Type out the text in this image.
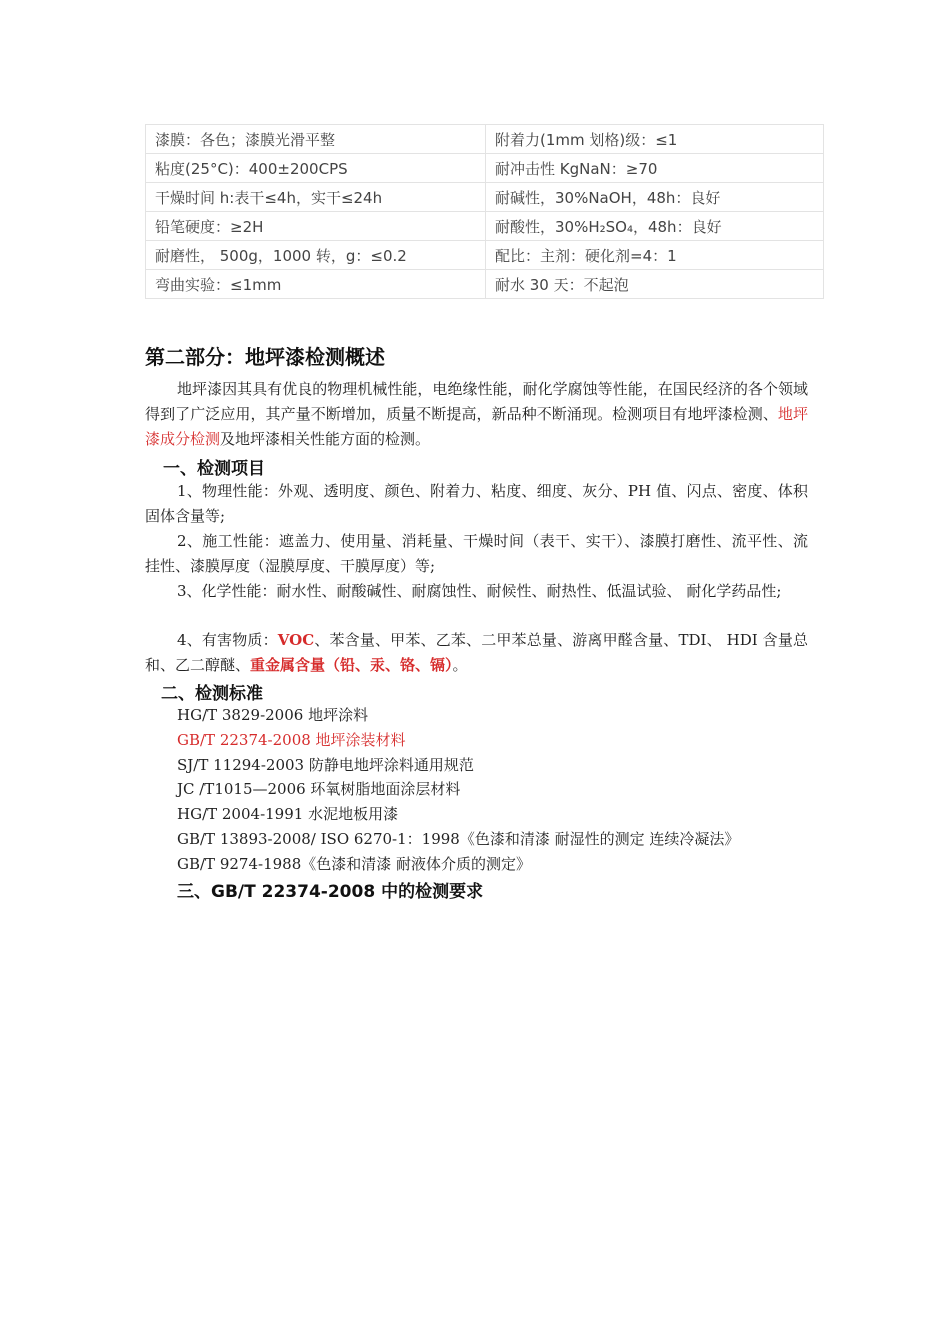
漆膜：各色；漆膜光滑平整	附着力(1mm 划格)级：≤1
粘度(25°C)：400±200CPS	耐冲击性 KgNaN：≥70
干燥时间 h:表干≤4h，实干≤24h	耐碱性，30%NaOH，48h：良好
铅笔硬度：≥2H	耐酸性，30%H₂SO₄，48h：良好
耐磨性， 500g，1000 转，g：≤0.2	配比：主剂：硬化剂=4：1
弯曲实验：≤1mm	耐水 30 天：不起泡
第二部分：地坪漆检测概述

地坪漆因其具有优良的物理机械性能，电绝缘性能，耐化学腐蚀等性能，在国民经济的各个领域得到了广泛应用，其产量不断增加，质量不断提高，新品种不断涌现。检测项目有地坪漆检测、地坪漆成分检测及地坪漆相关性能方面的检测。

一、检测项目

1、物理性能：外观、透明度、颜色、附着力、粘度、细度、灰分、PH 值、闪点、密度、体积固体含量等;

2、施工性能：遮盖力、使用量、消耗量、干燥时间（表干、实干）、漆膜打磨性、流平性、流挂性、漆膜厚度（湿膜厚度、干膜厚度）等;

3、化学性能：耐水性、耐酸碱性、耐腐蚀性、耐候性、耐热性、低温试验、 耐化学药品性;

4、有害物质：VOC、苯含量、甲苯、乙苯、二甲苯总量、游离甲醛含量、TDI、 HDI 含量总和、乙二醇醚、重金属含量（铅、汞、铬、镉）。

二、检测标准
HG/T 3829-2006 地坪涂料
GB/T 22374-2008 地坪涂装材料
SJ/T 11294-2003 防静电地坪涂料通用规范
JC /T1015—2006 环氧树脂地面涂层材料
HG/T 2004-1991 水泥地板用漆
GB/T 13893-2008/ ISO 6270-1：1998《色漆和清漆 耐湿性的测定 连续冷凝法》
GB/T 9274-1988《色漆和清漆 耐液体介质的测定》
三、GB/T 22374-2008 中的检测要求
